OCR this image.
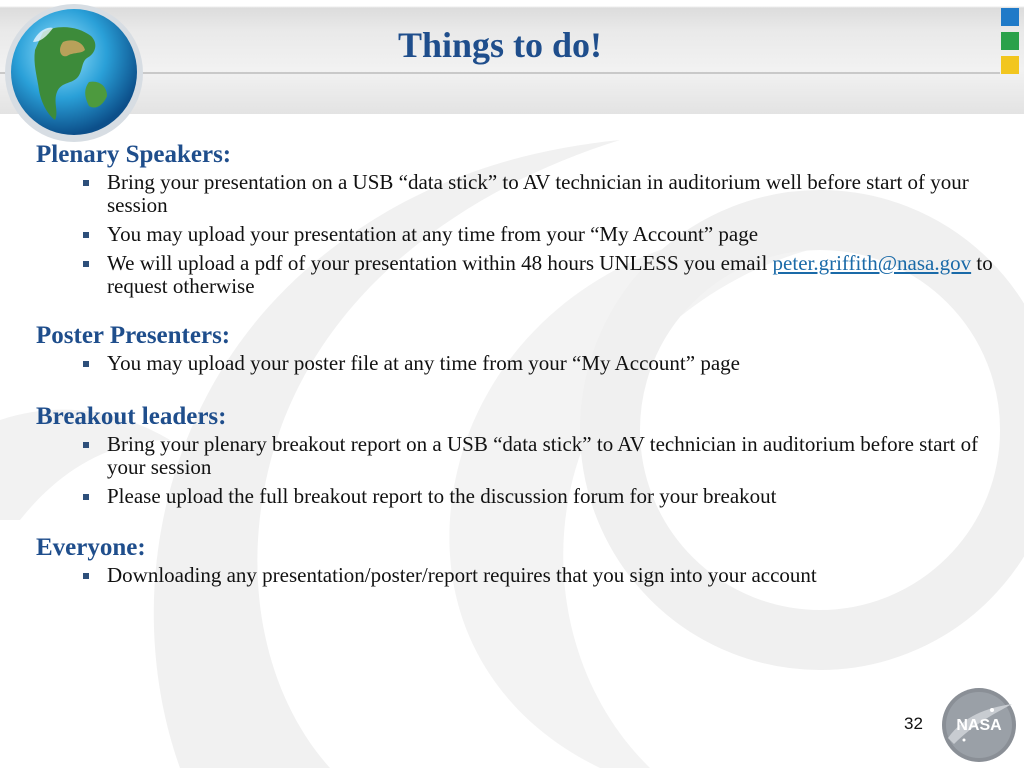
Things to do!
Plenary Speakers:
Bring your presentation on a USB “data stick” to AV technician in auditorium well before start of your session
You may upload your presentation at any time from your “My Account” page
We will upload a pdf of your presentation within 48 hours UNLESS you email peter.griffith@nasa.gov to request otherwise
Poster Presenters:
You may upload your poster file at any time from your “My Account” page
Breakout leaders:
Bring your plenary breakout report on a USB “data stick” to AV technician in auditorium before start of your session
Please upload the full breakout report to the discussion forum for your breakout
Everyone:
Downloading any presentation/poster/report requires that you sign into your account
32 NASA
